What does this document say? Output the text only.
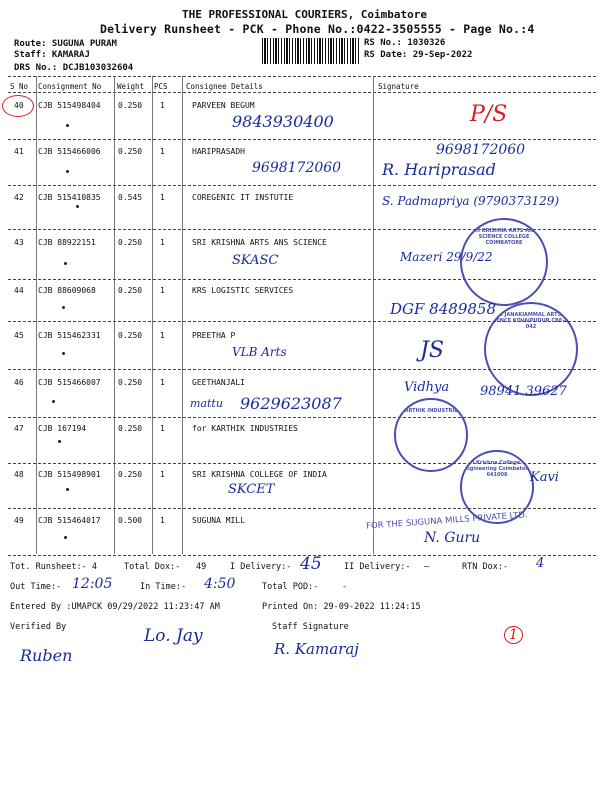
THE PROFESSIONAL COURIERS, Coimbatore
Delivery Runsheet - PCK - Phone No.:0422-3505555 - Page No.:4
Route: SUGUNA PURAM
Staff: KAMARAJ
DRS No.: DCJB103032604
RS No.: 1030326
RS Date: 29-Sep-2022
S No Consignment No Weight PCS Consignee Details	Signature
40 CJB 515498404 0.250 1	PARVEEN BEGUM
9843930400	P/S
41 CJB 515466006 0.250 1	HARIPRASADH
9698172060
9698172060
R. Hariprasad
42 CJB 515410835 0.545 1	COREGENIC IT INSTUTIE	S. Padmapriya (9790373129)
43 CJB 88922151	0.250 1	SRI KRISHNA ARTS ANS SCIENCE
SKASC	Mazeri 29/9/22
SRI KRISHNA ARTS AND SCIENCE COLLEGE COIMBATORE
44 CJB 88609068	0.250 1	KRS LOGISTIC SERVICES
DGF 8489858
V.L.B. JANAKIAMMAL ARTS AND SCIENCE KOVAIPUDUR CBE-641 042
45 CJB 515462331 0.250 1	PREETHA P
VLB Arts	JS
46 CJB 515466007 0.250 1	GEETHANJALI
mattu 9629623087
Vidhya 98941 39627
47 CJB 167194	0.250 1	for KARTHIK INDUSTRIES
KARTHIK INDUSTRIES
48 CJB 515498901 0.250 1	SRI KRISHNA COLLEGE OF INDIA
SKCET
Sri Krishna College of Engineering Coimbatore 641008	Kavi
49 CJB 515464017 0.500 1	SUGUNA MILL	FOR THE SUGUNA MILLS PRIVATE LTD.
N. Guru
Tot. Runsheet:- 4	Total Dox:- 49	I Delivery:- 45	II Delivery:- —	RTN Dox:- 4
Out Time:- 12:05	In Time:- 4:50	Total POD:-	-
Entered By :UMAPCK 09/29/2022 11:23:47 AM	Printed On: 29-09-2022 11:24:15
Verified By	Staff Signature
Ruben
Lo. Jay
R. Kamaraj
1
